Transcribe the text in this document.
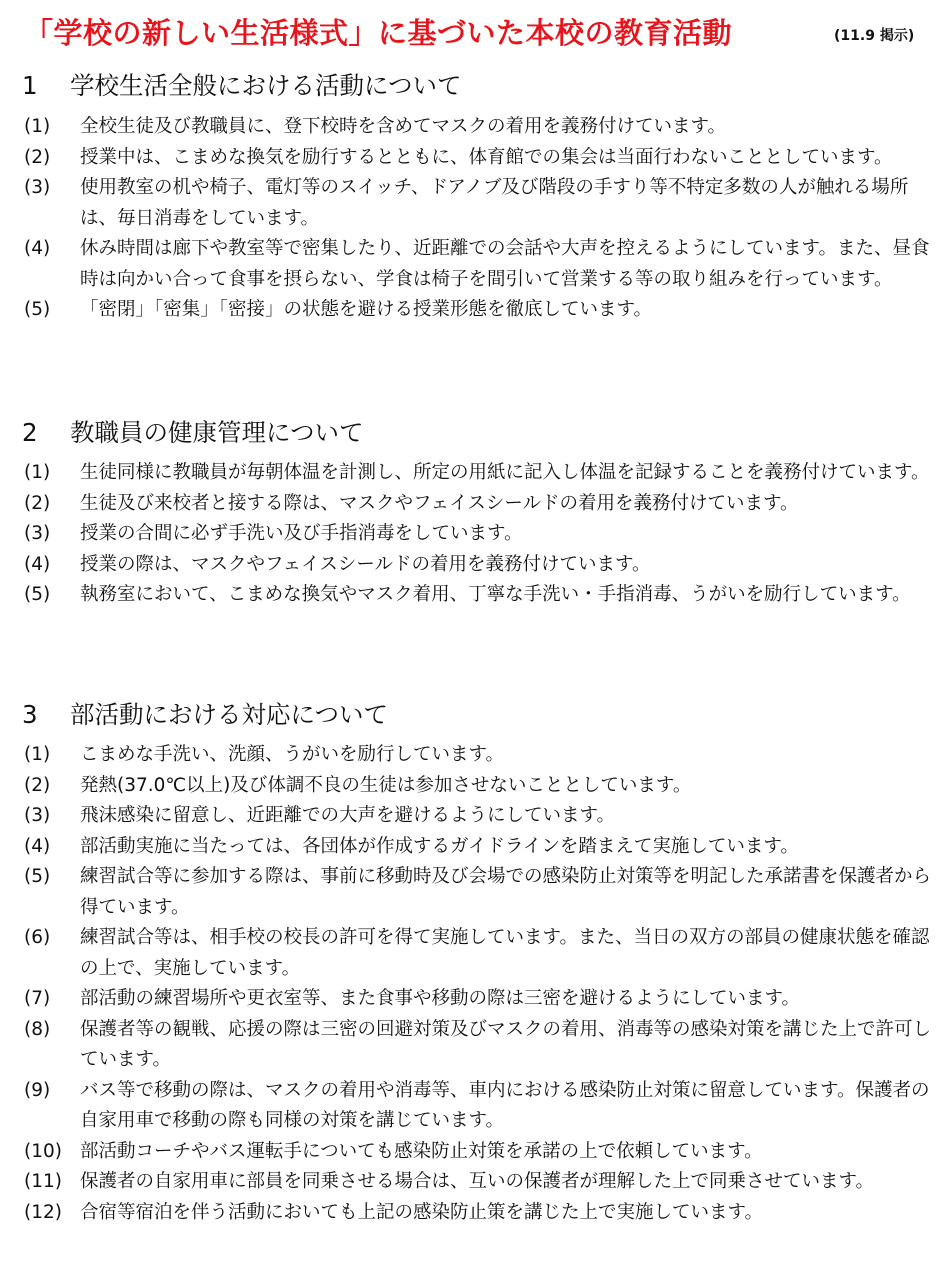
「学校の新しい生活様式」に基づいた本校の教育活動	(11.9 掲示)
1 学校生活全般における活動について
(1) 全校生徒及び教職員に、登下校時を含めてマスクの着用を義務付けています。
(2) 授業中は、こまめな換気を励行するとともに、体育館での集会は当面行わないこととしています。
(3) 使用教室の机や椅子、電灯等のスイッチ、ドアノブ及び階段の手すり等不特定多数の人が触れる場所は、毎日消毒をしています。
(4) 休み時間は廊下や教室等で密集したり、近距離での会話や大声を控えるようにしています。また、昼食時は向かい合って食事を摂らない、学食は椅子を間引いて営業する等の取り組みを行っています。
(5) 「密閉」「密集」「密接」の状態を避ける授業形態を徹底しています。
2 教職員の健康管理について
(1) 生徒同様に教職員が毎朝体温を計測し、所定の用紙に記入し体温を記録することを義務付けています。
(2) 生徒及び来校者と接する際は、マスクやフェイスシールドの着用を義務付けています。
(3) 授業の合間に必ず手洗い及び手指消毒をしています。
(4) 授業の際は、マスクやフェイスシールドの着用を義務付けています。
(5) 執務室において、こまめな換気やマスク着用、丁寧な手洗い・手指消毒、うがいを励行しています。
3 部活動における対応について
(1) こまめな手洗い、洗顔、うがいを励行しています。
(2) 発熱(37.0℃以上)及び体調不良の生徒は参加させないこととしています。
(3) 飛沫感染に留意し、近距離での大声を避けるようにしています。
(4) 部活動実施に当たっては、各団体が作成するガイドラインを踏まえて実施しています。
(5) 練習試合等に参加する際は、事前に移動時及び会場での感染防止対策等を明記した承諾書を保護者から得ています。
(6) 練習試合等は、相手校の校長の許可を得て実施しています。また、当日の双方の部員の健康状態を確認の上で、実施しています。
(7) 部活動の練習場所や更衣室等、また食事や移動の際は三密を避けるようにしています。
(8) 保護者等の観戦、応援の際は三密の回避対策及びマスクの着用、消毒等の感染対策を講じた上で許可しています。
(9) バス等で移動の際は、マスクの着用や消毒等、車内における感染防止対策に留意しています。保護者の自家用車で移動の際も同様の対策を講じています。
(10) 部活動コーチやバス運転手についても感染防止対策を承諾の上で依頼しています。
(11) 保護者の自家用車に部員を同乗させる場合は、互いの保護者が理解した上で同乗させています。
(12) 合宿等宿泊を伴う活動においても上記の感染防止策を講じた上で実施しています。
